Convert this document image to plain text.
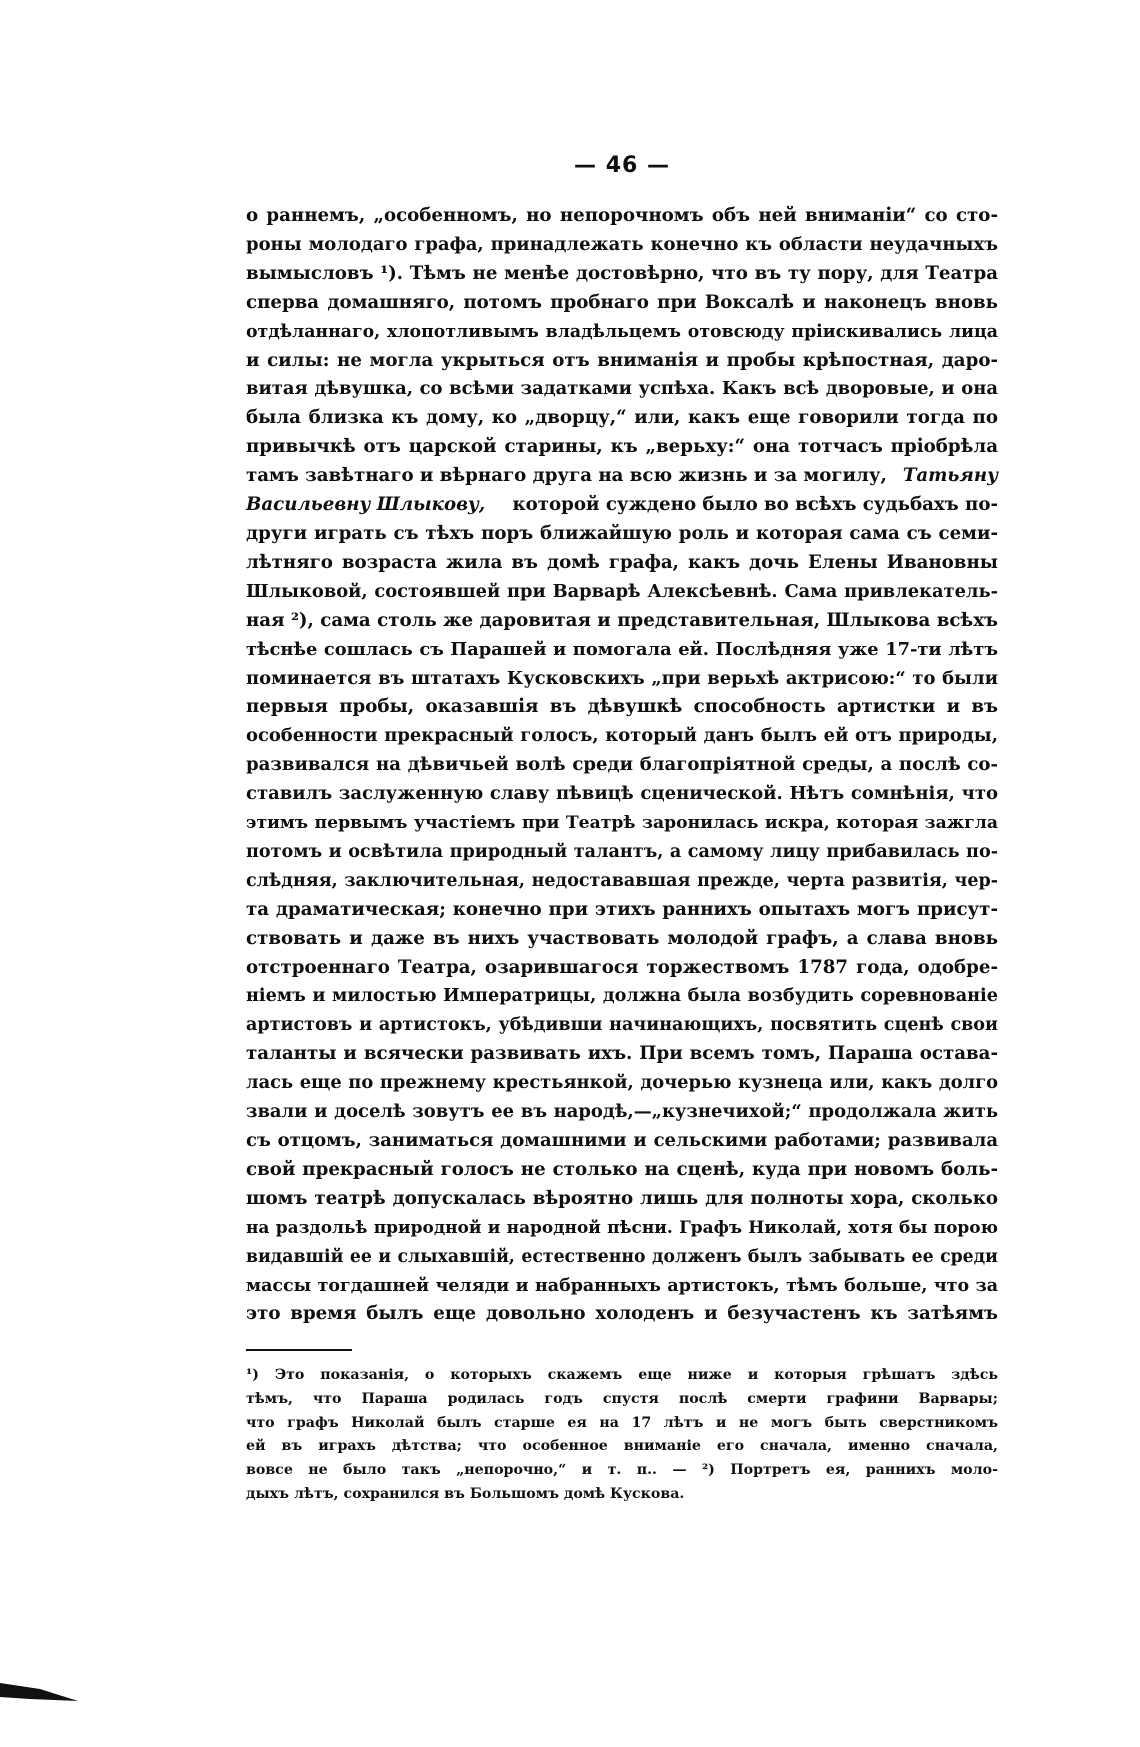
— 46 —
о раннемъ, „особенномъ, но непорочномъ объ ней вниманіи“ со сто-
роны молодаго графа, принадлежать конечно къ области неудачныхъ
вымысловъ ¹). Тѣмъ не менѣе достовѣрно, что въ ту пору, для Театра
сперва домашняго, потомъ пробнаго при Воксалѣ и наконецъ вновь
отдѣланнаго, хлопотливымъ владѣльцемъ отовсюду пріискивались лица
и силы: не могла укрыться отъ вниманія и пробы крѣпостная, даро-
витая дѣвушка, со всѣми задатками успѣха. Какъ всѣ дворовые, и она
была близка къ дому, ко „дворцу,“ или, какъ еще говорили тогда по
привычкѣ отъ царской старины, къ „верьху:“ она тотчасъ пріобрѣла
тамъ завѣтнаго и вѣрнаго друга на всю жизнь и за могилу, Татьяну
Васильевну Шлыкову, которой суждено было во всѣхъ судьбахъ по-
други играть съ тѣхъ поръ ближайшую роль и которая сама съ семи-
лѣтняго возраста жила въ домѣ графа, какъ дочь Елены Ивановны
Шлыковой, состоявшей при Варварѣ Алексѣевнѣ. Сама привлекатель-
ная ²), сама столь же даровитая и представительная, Шлыкова всѣхъ
тѣснѣе сошлась съ Парашей и помогала ей. Послѣдняя уже 17-ти лѣтъ
поминается въ штатахъ Кусковскихъ „при верьхѣ актрисою:“ то были
первыя пробы, оказавшія въ дѣвушкѣ способность артистки и въ
особенности прекрасный голосъ, который данъ былъ ей отъ природы,
развивался на дѣвичьей волѣ среди благопріятной среды, а послѣ со-
ставилъ заслуженную славу пѣвицѣ сценической. Нѣтъ сомнѣнія, что
этимъ первымъ участіемъ при Театрѣ заронилась искра, которая зажгла
потомъ и освѣтила природный талантъ, а самому лицу прибавилась по-
слѣдняя, заключительная, недостававшая прежде, черта развитія, чер-
та драматическая; конечно при этихъ раннихъ опытахъ могъ присут-
ствовать и даже въ нихъ участвовать молодой графъ, а слава вновь
отстроеннаго Театра, озарившагося торжествомъ 1787 года, одобре-
ніемъ и милостью Императрицы, должна была возбудить соревнованіе
артистовъ и артистокъ, убѣдивши начинающихъ, посвятить сценѣ свои
таланты и всячески развивать ихъ. При всемъ томъ, Параша остава-
лась еще по прежнему крестьянкой, дочерью кузнеца или, какъ долго
звали и доселѣ зовутъ ее въ народѣ,—„кузнечихой;“ продолжала жить
съ отцомъ, заниматься домашними и сельскими работами; развивала
свой прекрасный голосъ не столько на сценѣ, куда при новомъ боль-
шомъ театрѣ допускалась вѣроятно лишь для полноты хора, сколько
на раздольѣ природной и народной пѣсни. Графъ Николай, хотя бы порою
видавшій ее и слыхавшій, естественно долженъ былъ забывать ее среди
массы тогдашней челяди и набранныхъ артистокъ, тѣмъ больше, что за
это время былъ еще довольно холоденъ и безучастенъ къ затѣямъ
¹) Это показанія, о которыхъ скажемъ еще ниже и которыя грѣшатъ здѣсь
тѣмъ, что Параша родилась годъ спустя послѣ смерти графини Варвары;
что графъ Николай былъ старше ея на 17 лѣтъ и не могъ быть сверстникомъ
ей въ играхъ дѣтства; что особенное вниманіе его сначала, именно сначала,
вовсе не было такъ „непорочно,“ и т. п.. — ²) Портретъ ея, раннихъ моло-
дыхъ лѣтъ, сохранился въ Большомъ домѣ Кускова.
